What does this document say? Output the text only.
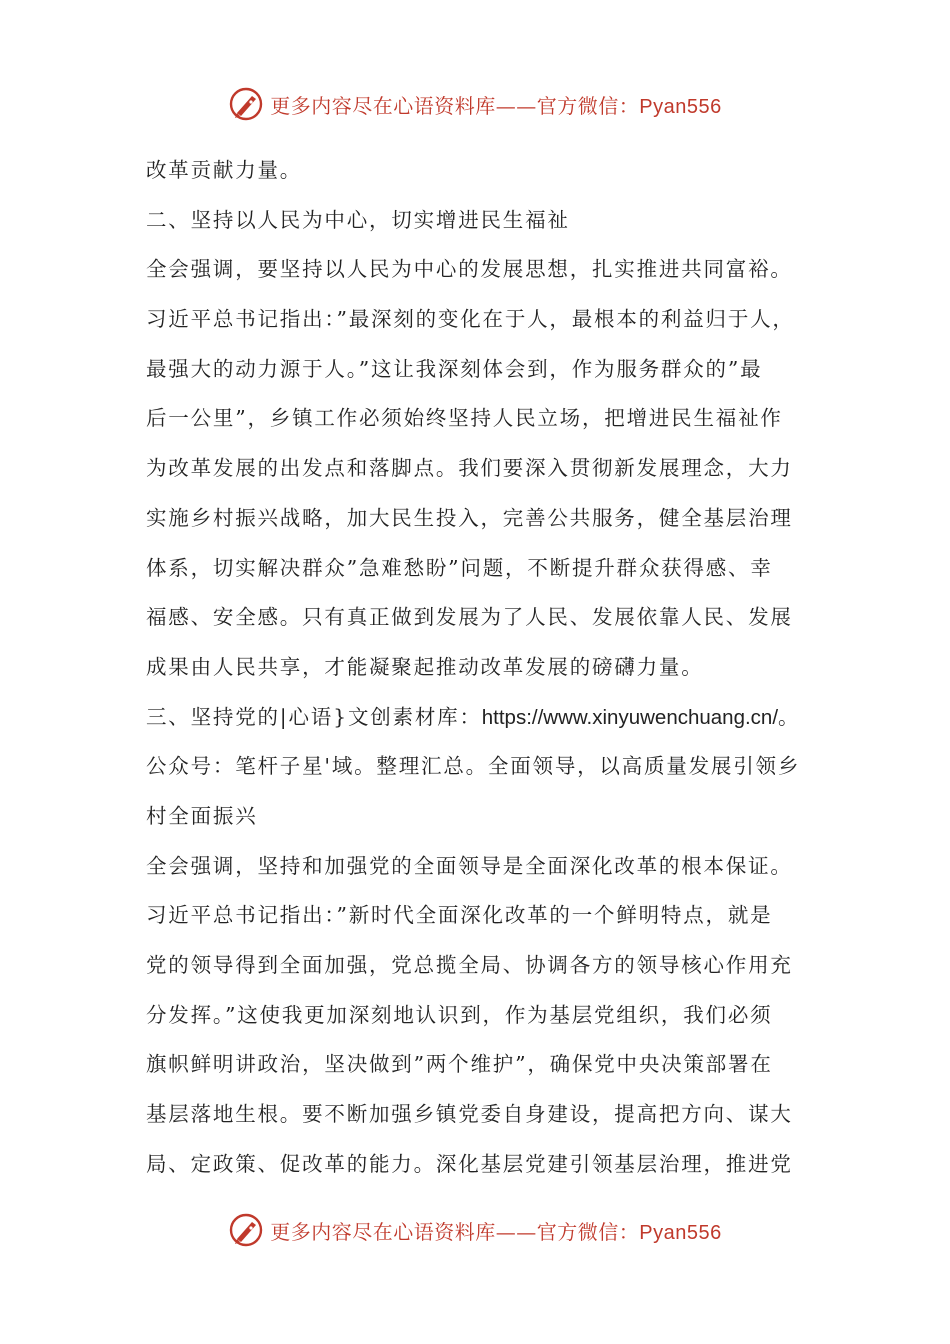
更多内容尽在心语资料库——官方微信：Pyan556
改革贡献力量。
二、坚持以人民为中心，切实增进民生福祉
全会强调，要坚持以人民为中心的发展思想，扎实推进共同富裕。
习近平总书记指出：”最深刻的变化在于人，最根本的利益归于人，
最强大的动力源于人。”这让我深刻体会到，作为服务群众的”最
后一公里”，乡镇工作必须始终坚持人民立场，把增进民生福祉作
为改革发展的出发点和落脚点。我们要深入贯彻新发展理念，大力
实施乡村振兴战略，加大民生投入，完善公共服务，健全基层治理
体系，切实解决群众”急难愁盼”问题，不断提升群众获得感、幸
福感、安全感。只有真正做到发展为了人民、发展依靠人民、发展
成果由人民共享，才能凝聚起推动改革发展的磅礴力量。
三、坚持党的|心语}文创素材库：https://www.xinyuwenchuang.cn/。
公众号：笔杆子星'域。整理汇总。全面领导，以高质量发展引领乡
村全面振兴
全会强调，坚持和加强党的全面领导是全面深化改革的根本保证。
习近平总书记指出：”新时代全面深化改革的一个鲜明特点，就是
党的领导得到全面加强，党总揽全局、协调各方的领导核心作用充
分发挥。”这使我更加深刻地认识到，作为基层党组织，我们必须
旗帜鲜明讲政治，坚决做到”两个维护”，确保党中央决策部署在
基层落地生根。要不断加强乡镇党委自身建设，提高把方向、谋大
局、定政策、促改革的能力。深化基层党建引领基层治理，推进党
更多内容尽在心语资料库——官方微信：Pyan556
